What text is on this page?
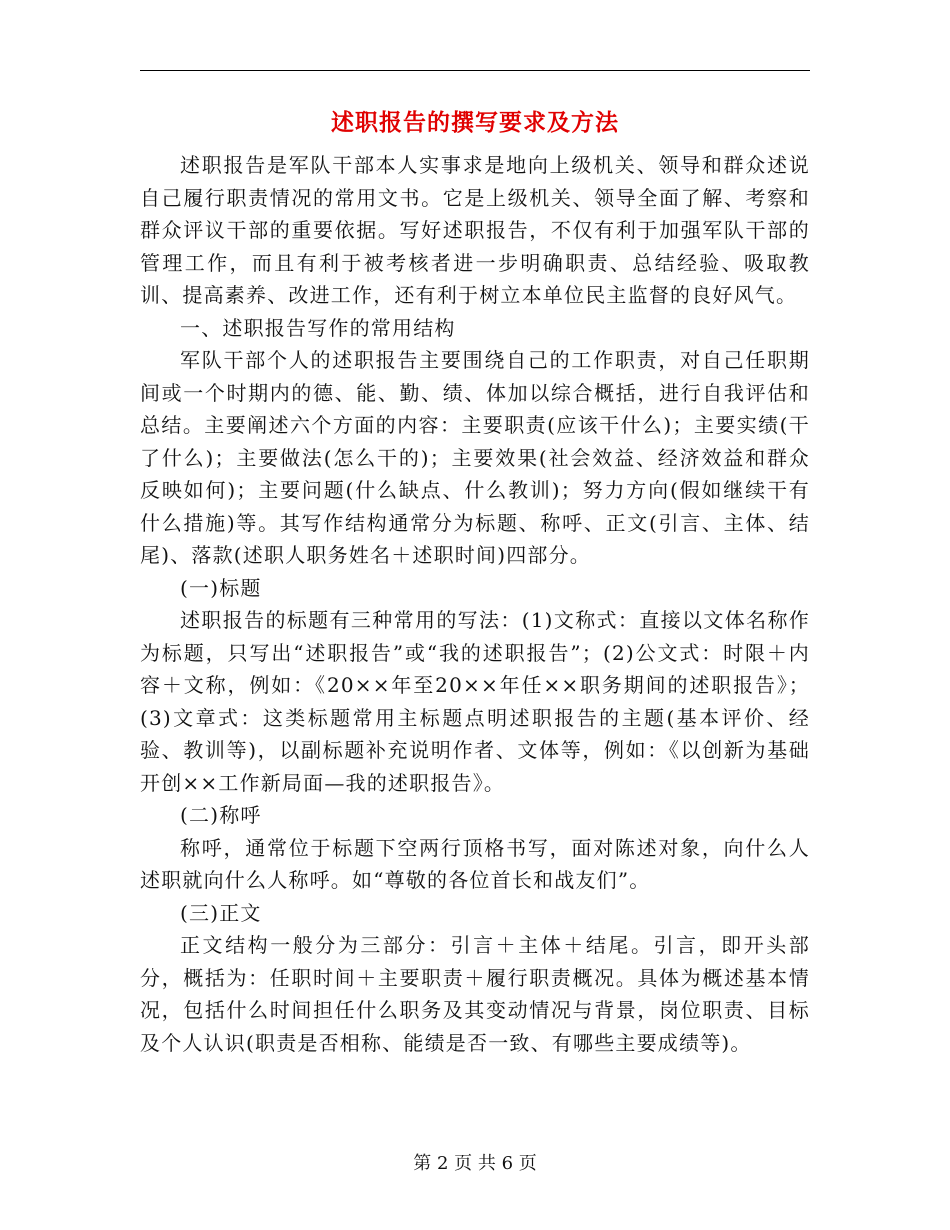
述职报告的撰写要求及方法

述职报告是军队干部本人实事求是地向上级机关、领导和群众述说自己履行职责情况的常用文书。它是上级机关、领导全面了解、考察和群众评议干部的重要依据。写好述职报告，不仅有利于加强军队干部的管理工作，而且有利于被考核者进一步明确职责、总结经验、吸取教训、提高素养、改进工作，还有利于树立本单位民主监督的良好风气。

一、述职报告写作的常用结构

军队干部个人的述职报告主要围绕自己的工作职责，对自己任职期间或一个时期内的德、能、勤、绩、体加以综合概括，进行自我评估和总结。主要阐述六个方面的内容：主要职责(应该干什么)；主要实绩(干了什么)；主要做法(怎么干的)；主要效果(社会效益、经济效益和群众反映如何)；主要问题(什么缺点、什么教训)；努力方向(假如继续干有什么措施)等。其写作结构通常分为标题、称呼、正文(引言、主体、结尾)、落款(述职人职务姓名＋述职时间)四部分。

(一)标题

述职报告的标题有三种常用的写法：(1)文称式：直接以文体名称作为标题，只写出“述职报告”或“我的述职报告”；(2)公文式：时限＋内容＋文称，例如：《20××年至20××年任××职务期间的述职报告》；(3)文章式：这类标题常用主标题点明述职报告的主题(基本评价、经验、教训等)，以副标题补充说明作者、文体等，例如：《以创新为基础开创××工作新局面—我的述职报告》。

(二)称呼

称呼，通常位于标题下空两行顶格书写，面对陈述对象，向什么人述职就向什么人称呼。如“尊敬的各位首长和战友们”。

(三)正文

正文结构一般分为三部分：引言＋主体＋结尾。引言，即开头部分，概括为：任职时间＋主要职责＋履行职责概况。具体为概述基本情况，包括什么时间担任什么职务及其变动情况与背景，岗位职责、目标及个人认识(职责是否相称、能绩是否一致、有哪些主要成绩等)。

第 2 页 共 6 页
